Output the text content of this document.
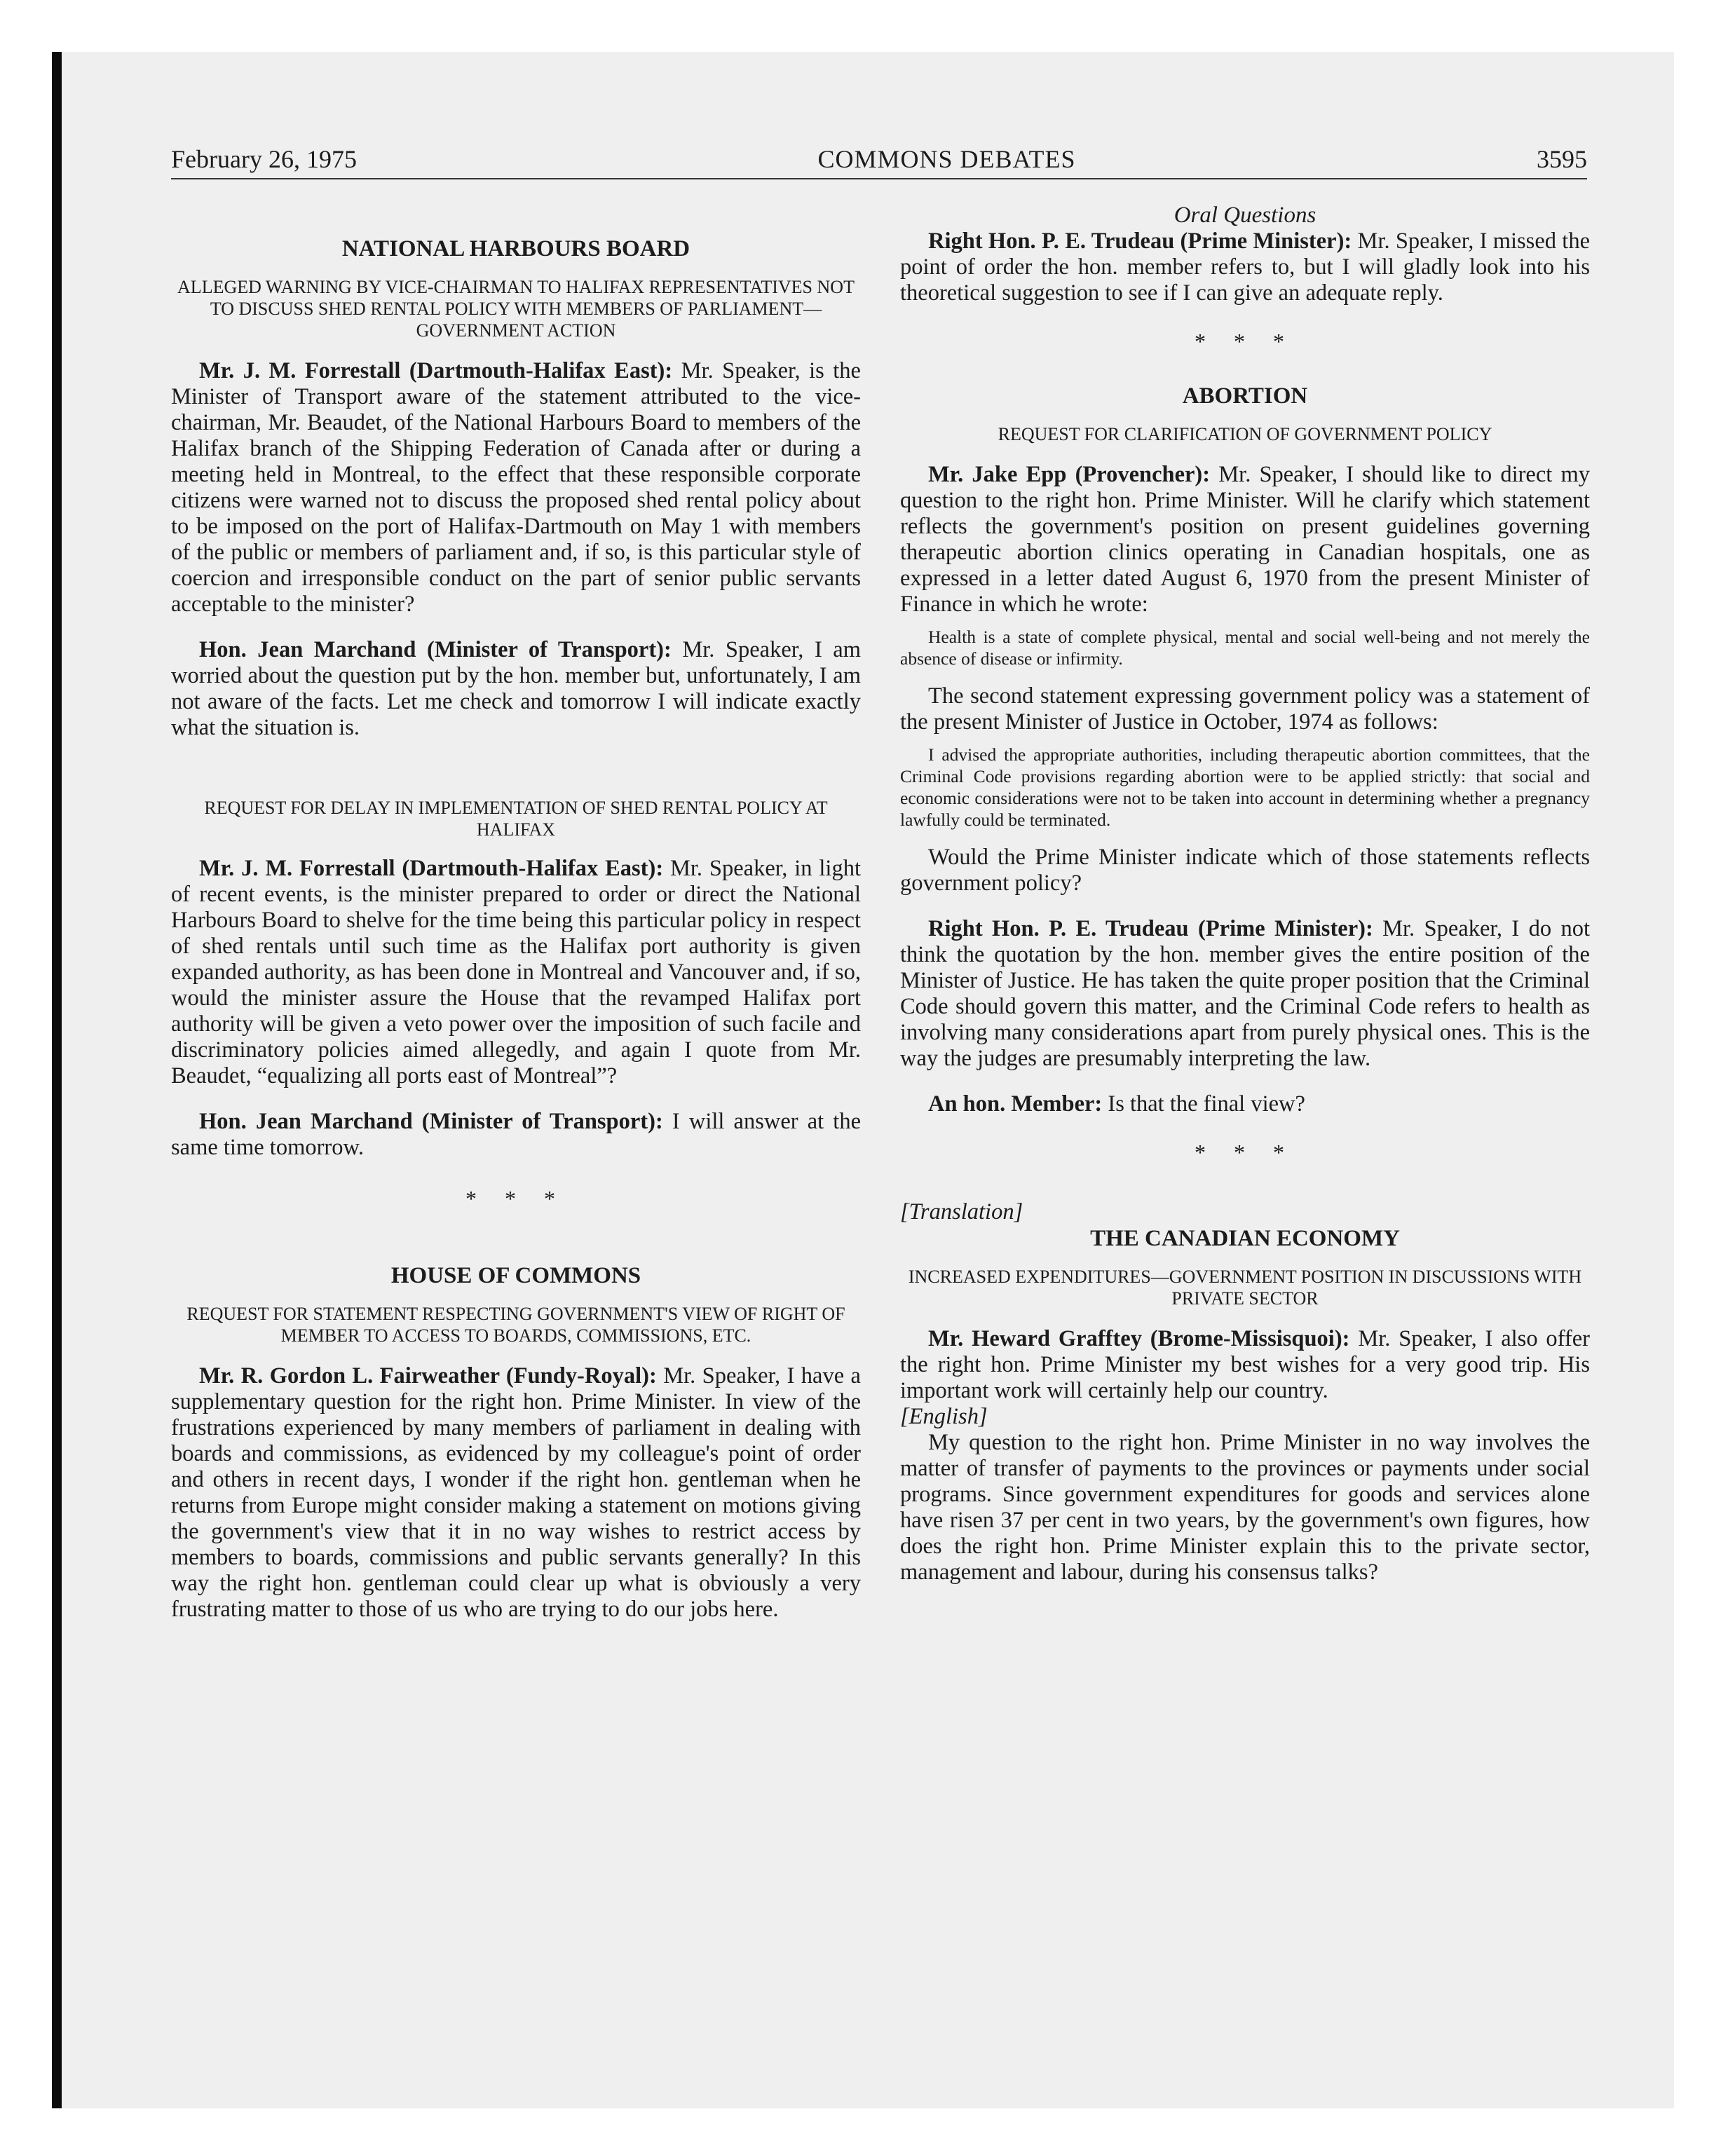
February 26, 1975	COMMONS DEBATES	3595
NATIONAL HARBOURS BOARD
ALLEGED WARNING BY VICE-CHAIRMAN TO HALIFAX REPRESENTATIVES NOT TO DISCUSS SHED RENTAL POLICY WITH MEMBERS OF PARLIAMENT—GOVERNMENT ACTION

Mr. J. M. Forrestall (Dartmouth-Halifax East): Mr. Speaker, is the Minister of Transport aware of the statement attributed to the vice-chairman, Mr. Beaudet, of the National Harbours Board to members of the Halifax branch of the Shipping Federation of Canada after or during a meeting held in Montreal, to the effect that these responsible corporate citizens were warned not to discuss the proposed shed rental policy about to be imposed on the port of Halifax-Dartmouth on May 1 with members of the public or members of parliament and, if so, is this particular style of coercion and irresponsible conduct on the part of senior public servants acceptable to the minister?

Hon. Jean Marchand (Minister of Transport): Mr. Speaker, I am worried about the question put by the hon. member but, unfortunately, I am not aware of the facts. Let me check and tomorrow I will indicate exactly what the situation is.

REQUEST FOR DELAY IN IMPLEMENTATION OF SHED RENTAL POLICY AT HALIFAX

Mr. J. M. Forrestall (Dartmouth-Halifax East): Mr. Speaker, in light of recent events, is the minister prepared to order or direct the National Harbours Board to shelve for the time being this particular policy in respect of shed rentals until such time as the Halifax port authority is given expanded authority, as has been done in Montreal and Vancouver and, if so, would the minister assure the House that the revamped Halifax port authority will be given a veto power over the imposition of such facile and discriminatory policies aimed allegedly, and again I quote from Mr. Beaudet, “equalizing all ports east of Montreal”?

Hon. Jean Marchand (Minister of Transport): I will answer at the same time tomorrow.

* * *
HOUSE OF COMMONS
REQUEST FOR STATEMENT RESPECTING GOVERNMENT'S VIEW OF RIGHT OF MEMBER TO ACCESS TO BOARDS, COMMISSIONS, ETC.

Mr. R. Gordon L. Fairweather (Fundy-Royal): Mr. Speaker, I have a supplementary question for the right hon. Prime Minister. In view of the frustrations experienced by many members of parliament in dealing with boards and commissions, as evidenced by my colleague's point of order and others in recent days, I wonder if the right hon. gentleman when he returns from Europe might consider making a statement on motions giving the government's view that it in no way wishes to restrict access by members to boards, commissions and public servants generally? In this way the right hon. gentleman could clear up what is obviously a very frustrating matter to those of us who are trying to do our jobs here.

Oral Questions

Right Hon. P. E. Trudeau (Prime Minister): Mr. Speaker, I missed the point of order the hon. member refers to, but I will gladly look into his theoretical suggestion to see if I can give an adequate reply.

* * *
ABORTION
REQUEST FOR CLARIFICATION OF GOVERNMENT POLICY

Mr. Jake Epp (Provencher): Mr. Speaker, I should like to direct my question to the right hon. Prime Minister. Will he clarify which statement reflects the government's position on present guidelines governing therapeutic abortion clinics operating in Canadian hospitals, one as expressed in a letter dated August 6, 1970 from the present Minister of Finance in which he wrote:

Health is a state of complete physical, mental and social well-being and not merely the absence of disease or infirmity.

The second statement expressing government policy was a statement of the present Minister of Justice in October, 1974 as follows:

I advised the appropriate authorities, including therapeutic abortion committees, that the Criminal Code provisions regarding abortion were to be applied strictly: that social and economic considerations were not to be taken into account in determining whether a pregnancy lawfully could be terminated.

Would the Prime Minister indicate which of those statements reflects government policy?

Right Hon. P. E. Trudeau (Prime Minister): Mr. Speaker, I do not think the quotation by the hon. member gives the entire position of the Minister of Justice. He has taken the quite proper position that the Criminal Code should govern this matter, and the Criminal Code refers to health as involving many considerations apart from purely physical ones. This is the way the judges are presumably interpreting the law.

An hon. Member: Is that the final view?

* * *
[Translation]
THE CANADIAN ECONOMY
INCREASED EXPENDITURES—GOVERNMENT POSITION IN DISCUSSIONS WITH PRIVATE SECTOR

Mr. Heward Grafftey (Brome-Missisquoi): Mr. Speaker, I also offer the right hon. Prime Minister my best wishes for a very good trip. His important work will certainly help our country.

[English]

My question to the right hon. Prime Minister in no way involves the matter of transfer of payments to the provinces or payments under social programs. Since government expenditures for goods and services alone have risen 37 per cent in two years, by the government's own figures, how does the right hon. Prime Minister explain this to the private sector, management and labour, during his consensus talks?
